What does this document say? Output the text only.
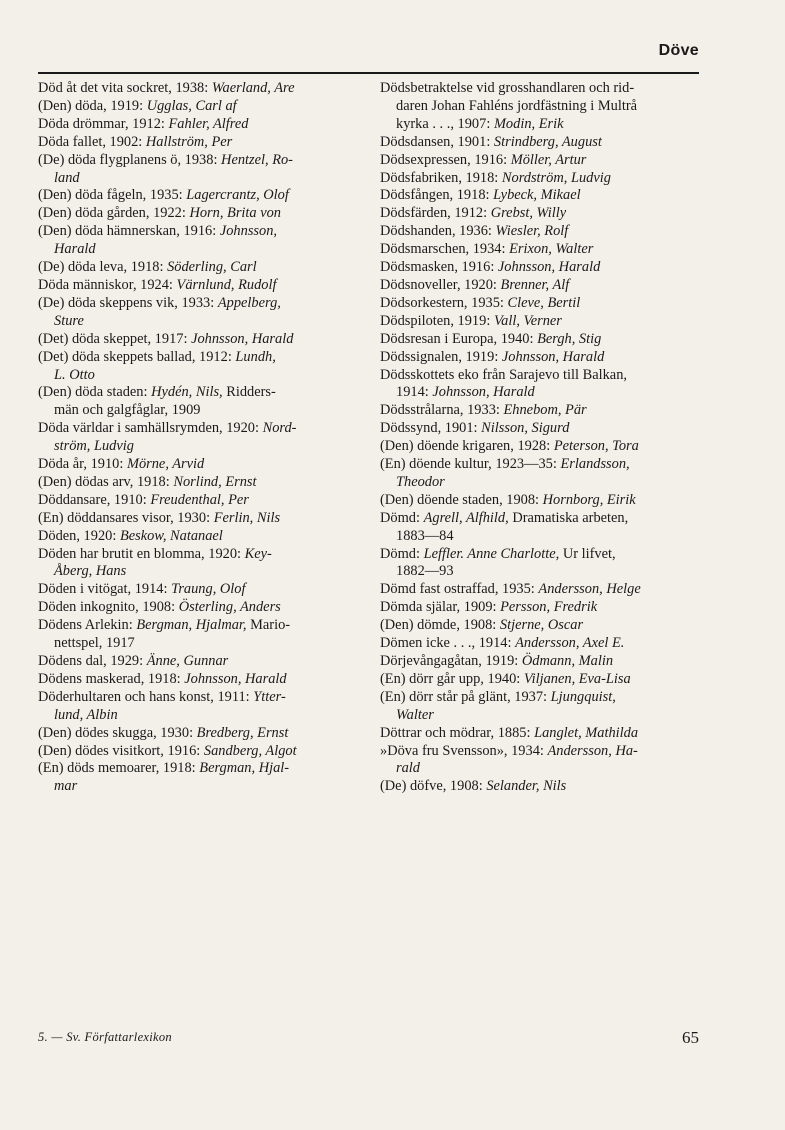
Döve
Död åt det vita sockret, 1938: Waerland, Are
(Den) döda, 1919: Ugglas, Carl af
Döda drömmar, 1912: Fahler, Alfred
Döda fallet, 1902: Hallström, Per
(De) döda flygplanens ö, 1938: Hentzel, Ro-
land
(Den) döda fågeln, 1935: Lagercrantz, Olof
(Den) döda gården, 1922: Horn, Brita von
(Den) döda hämnerskan, 1916: Johnsson,
Harald
(De) döda leva, 1918: Söderling, Carl
Döda människor, 1924: Värnlund, Rudolf
(De) döda skeppens vik, 1933: Appelberg,
Sture
(Det) döda skeppet, 1917: Johnsson, Harald
(Det) döda skeppets ballad, 1912: Lundh,
L. Otto
(Den) döda staden: Hydén, Nils, Ridders-
män och galgfåglar, 1909
Döda världar i samhällsrymden, 1920: Nord-
ström, Ludvig
Döda år, 1910: Mörne, Arvid
(Den) dödas arv, 1918: Norlind, Ernst
Döddansare, 1910: Freudenthal, Per
(En) döddansares visor, 1930: Ferlin, Nils
Döden, 1920: Beskow, Natanael
Döden har brutit en blomma, 1920: Key-
Åberg, Hans
Döden i vitögat, 1914: Traung, Olof
Döden inkognito, 1908: Österling, Anders
Dödens Arlekin: Bergman, Hjalmar, Mario-
nettspel, 1917
Dödens dal, 1929: Änne, Gunnar
Dödens maskerad, 1918: Johnsson, Harald
Döderhultaren och hans konst, 1911: Ytter-
lund, Albin
(Den) dödes skugga, 1930: Bredberg, Ernst
(Den) dödes visitkort, 1916: Sandberg, Algot
(En) döds memoarer, 1918: Bergman, Hjal-
mar
Dödsbetraktelse vid grosshandlaren och rid-
daren Johan Fahléns jordfästning i Multrå
kyrka . . ., 1907: Modin, Erik
Dödsdansen, 1901: Strindberg, August
Dödsexpressen, 1916: Möller, Artur
Dödsfabriken, 1918: Nordström, Ludvig
Dödsfången, 1918: Lybeck, Mikael
Dödsfärden, 1912: Grebst, Willy
Dödshanden, 1936: Wiesler, Rolf
Dödsmarschen, 1934: Erixon, Walter
Dödsmasken, 1916: Johnsson, Harald
Dödsnoveller, 1920: Brenner, Alf
Dödsorkestern, 1935: Cleve, Bertil
Dödspiloten, 1919: Vall, Verner
Dödsresan i Europa, 1940: Bergh, Stig
Dödssignalen, 1919: Johnsson, Harald
Dödsskottets eko från Sarajevo till Balkan,
1914: Johnsson, Harald
Dödsstrålarna, 1933: Ehnebom, Pär
Dödssynd, 1901: Nilsson, Sigurd
(Den) döende krigaren, 1928: Peterson, Tora
(En) döende kultur, 1923—35: Erlandsson,
Theodor
(Den) döende staden, 1908: Hornborg, Eirik
Dömd: Agrell, Alfhild, Dramatiska arbeten,
1883—84
Dömd: Leffler. Anne Charlotte, Ur lifvet,
1882—93
Dömd fast ostraffad, 1935: Andersson, Helge
Dömda själar, 1909: Persson, Fredrik
(Den) dömde, 1908: Stjerne, Oscar
Dömen icke . . ., 1914: Andersson, Axel E.
Dörjevångagåtan, 1919: Ödmann, Malin
(En) dörr går upp, 1940: Viljanen, Eva-Lisa
(En) dörr står på glänt, 1937: Ljungquist,
Walter
Döttrar och mödrar, 1885: Langlet, Mathilda
»Döva fru Svensson», 1934: Andersson, Ha-
rald
(De) döfve, 1908: Selander, Nils
5. — Sv. Författarlexikon	65
